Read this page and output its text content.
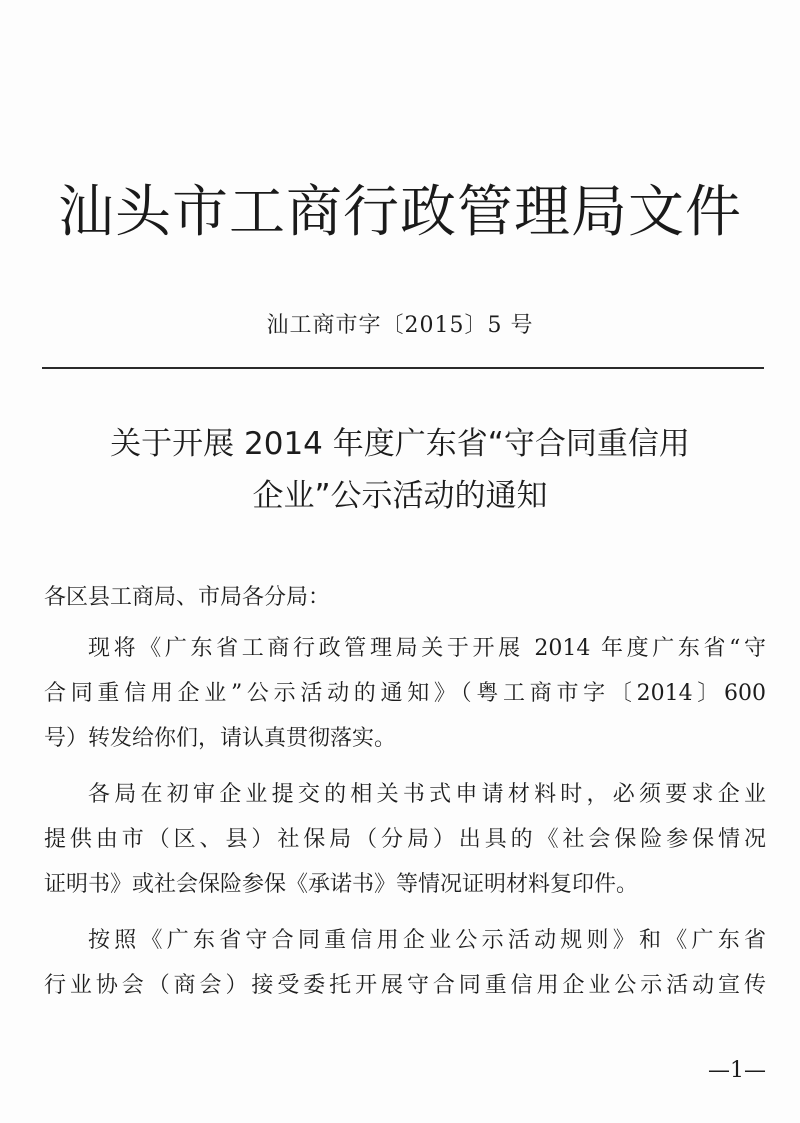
汕头市工商行政管理局文件
汕工商市字〔2015〕5 号
关于开展 2014 年度广东省“守合同重信用
企业”公示活动的通知
各区县工商局、市局各分局：
现将《广东省工商行政管理局关于开展 2014 年度广东省“守
合同重信用企业”公示活动的通知》（粤工商市字〔2014〕600
号）转发给你们，请认真贯彻落实。
各局在初审企业提交的相关书式申请材料时，必须要求企业
提供由市（区、县）社保局（分局）出具的《社会保险参保情况
证明书》或社会保险参保《承诺书》等情况证明材料复印件。
按照《广东省守合同重信用企业公示活动规则》和《广东省
行业协会（商会）接受委托开展守合同重信用企业公示活动宣传
—1—
